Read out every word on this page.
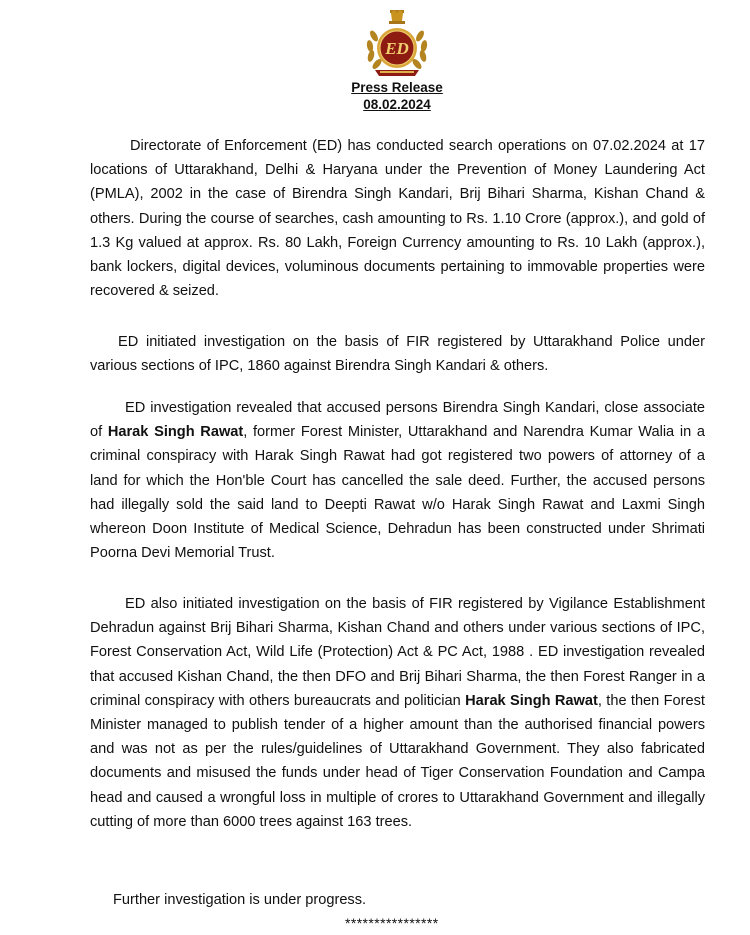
ED
Press Release
08.02.2024

Directorate of Enforcement (ED) has conducted search operations on 07.02.2024 at 17 locations of Uttarakhand, Delhi & Haryana under the Prevention of Money Laundering Act (PMLA), 2002 in the case of Birendra Singh Kandari, Brij Bihari Sharma, Kishan Chand & others. During the course of searches, cash amounting to Rs. 1.10 Crore (approx.), and gold of 1.3 Kg valued at approx. Rs. 80 Lakh, Foreign Currency amounting to Rs. 10 Lakh (approx.), bank lockers, digital devices, voluminous documents pertaining to immovable properties were recovered & seized.

ED initiated investigation on the basis of FIR registered by Uttarakhand Police under various sections of IPC, 1860 against Birendra Singh Kandari & others.

ED investigation revealed that accused persons Birendra Singh Kandari, close associate of Harak Singh Rawat, former Forest Minister, Uttarakhand and Narendra Kumar Walia in a criminal conspiracy with Harak Singh Rawat had got registered two powers of attorney of a land for which the Hon'ble Court has cancelled the sale deed. Further, the accused persons had illegally sold the said land to Deepti Rawat w/o Harak Singh Rawat and Laxmi Singh whereon Doon Institute of Medical Science, Dehradun has been constructed under Shrimati Poorna Devi Memorial Trust.

ED also initiated investigation on the basis of FIR registered by Vigilance Establishment Dehradun against Brij Bihari Sharma, Kishan Chand and others under various sections of IPC, Forest Conservation Act, Wild Life (Protection) Act & PC Act, 1988 . ED investigation revealed that accused Kishan Chand, the then DFO and Brij Bihari Sharma, the then Forest Ranger in a criminal conspiracy with others bureaucrats and politician Harak Singh Rawat, the then Forest Minister managed to publish tender of a higher amount than the authorised financial powers and was not as per the rules/guidelines of Uttarakhand Government. They also fabricated documents and misused the funds under head of Tiger Conservation Foundation and Campa head and caused a wrongful loss in multiple of crores to Uttarakhand Government and illegally cutting of more than 6000 trees against 163 trees.

Further investigation is under progress.

****************
